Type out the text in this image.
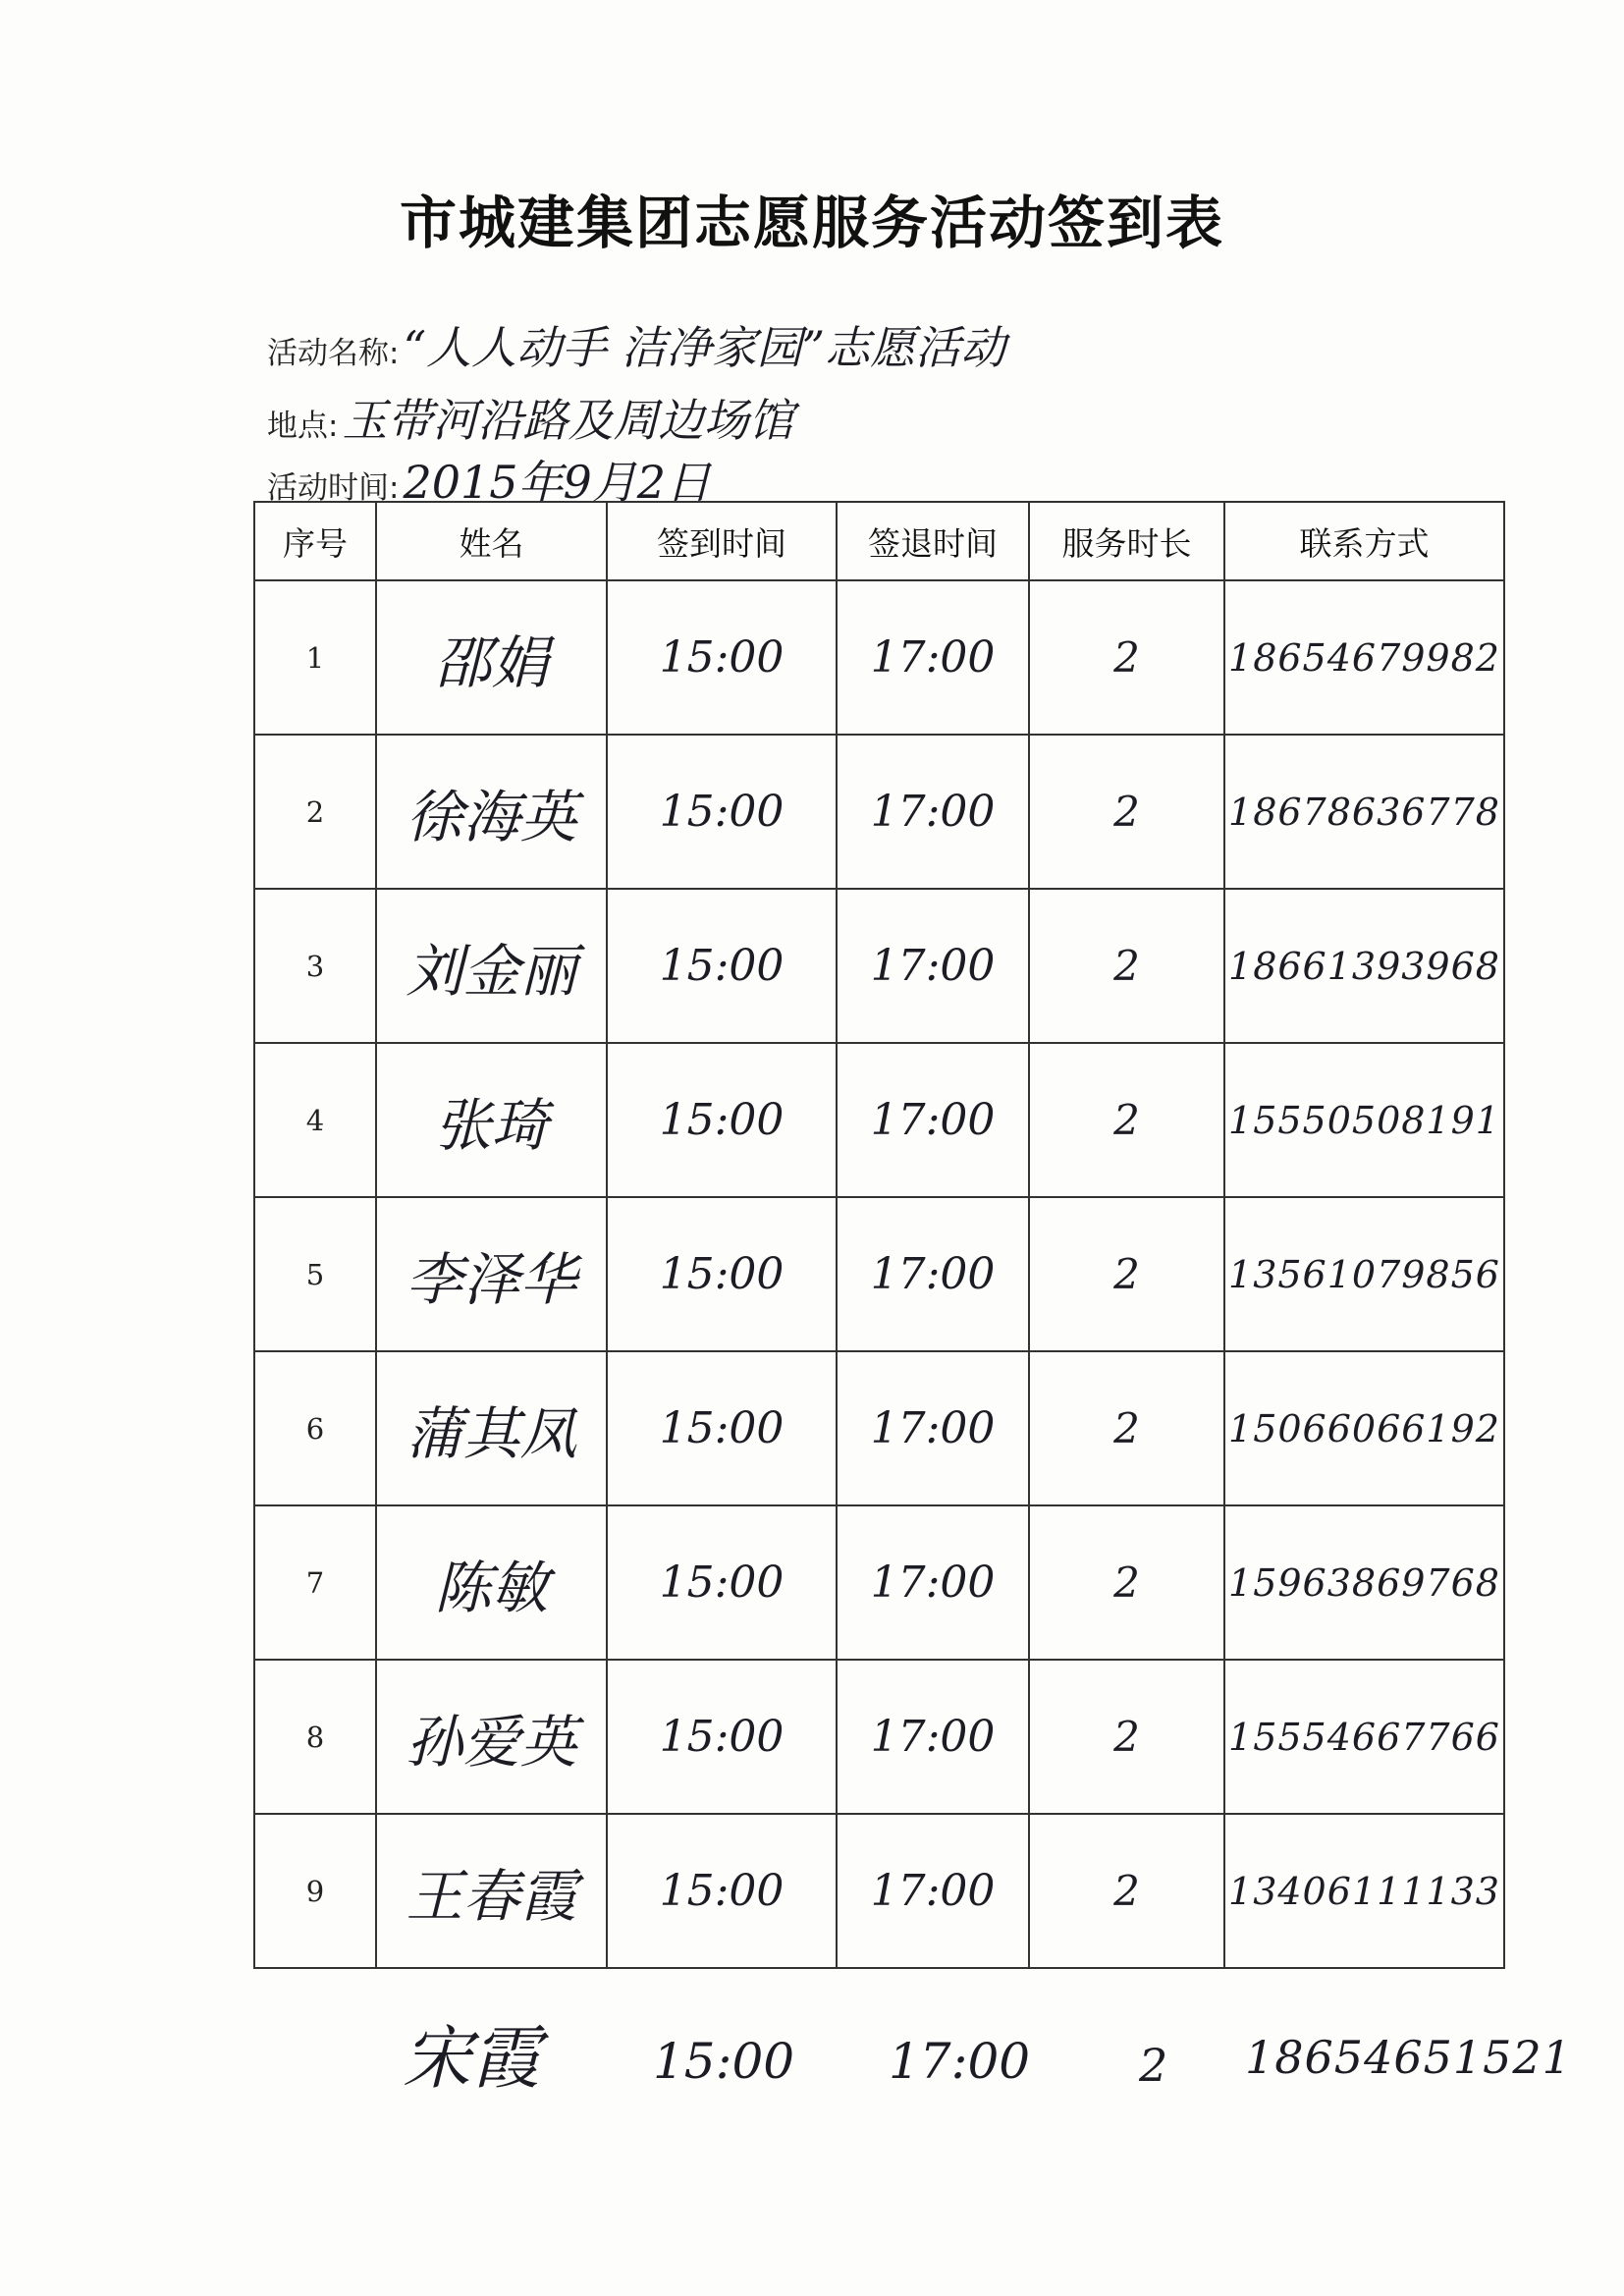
市城建集团志愿服务活动签到表
活动名称:“人人动手 洁净家园”志愿活动
地点:玉带河沿路及周边场馆
活动时间:2015年9月2日
序号	姓名	签到时间	签退时间	服务时长	联系方式
1	邵娟	15:00	17:00	2	18654679982
2	徐海英	15:00	17:00	2	18678636778
3	刘金丽	15:00	17:00	2	18661393968
4	张琦	15:00	17:00	2	15550508191
5	李泽华	15:00	17:00	2	13561079856
6	蒲其凤	15:00	17:00	2	15066066192
7	陈敏	15:00	17:00	2	15963869768
8	孙爱英	15:00	17:00	2	15554667766
9	王春霞	15:00	17:00	2	13406111133
宋霞 15:00 17:00 2 18654651521
